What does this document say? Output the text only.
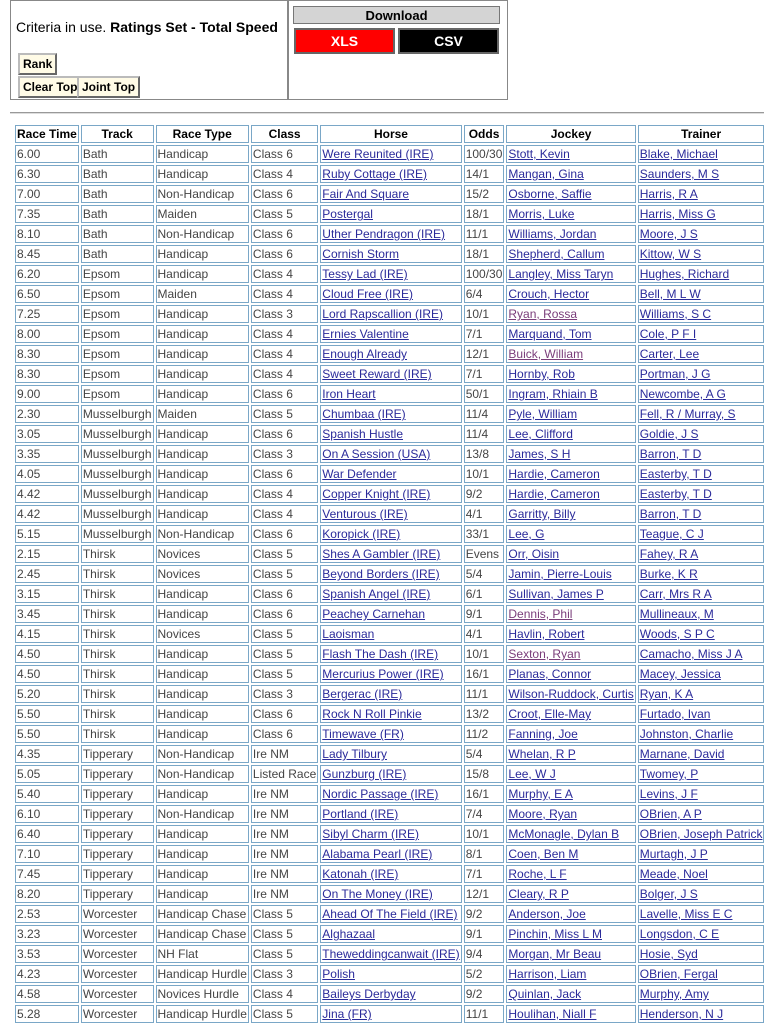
Criteria in use. Ratings Set - Total Speed
Rank
Clear Top Joint Top
Download
XLS	CSV
Race Time	Track	Race Type	Class	Horse	Odds	Jockey	Trainer
6.00	Bath	Handicap	Class 6	Were Reunited (IRE)	100/30	Stott, Kevin	Blake, Michael
6.30	Bath	Handicap	Class 4	Ruby Cottage (IRE)	14/1	Mangan, Gina	Saunders, M S
7.00	Bath	Non-Handicap	Class 6	Fair And Square	15/2	Osborne, Saffie	Harris, R A
7.35	Bath	Maiden	Class 5	Postergal	18/1	Morris, Luke	Harris, Miss G
8.10	Bath	Non-Handicap	Class 6	Uther Pendragon (IRE)	11/1	Williams, Jordan	Moore, J S
8.45	Bath	Handicap	Class 6	Cornish Storm	18/1	Shepherd, Callum	Kittow, W S
6.20	Epsom	Handicap	Class 4	Tessy Lad (IRE)	100/30	Langley, Miss Taryn	Hughes, Richard
6.50	Epsom	Maiden	Class 4	Cloud Free (IRE)	6/4	Crouch, Hector	Bell, M L W
7.25	Epsom	Handicap	Class 3	Lord Rapscallion (IRE)	10/1	Ryan, Rossa	Williams, S C
8.00	Epsom	Handicap	Class 4	Ernies Valentine	7/1	Marquand, Tom	Cole, P F I
8.30	Epsom	Handicap	Class 4	Enough Already	12/1	Buick, William	Carter, Lee
8.30	Epsom	Handicap	Class 4	Sweet Reward (IRE)	7/1	Hornby, Rob	Portman, J G
9.00	Epsom	Handicap	Class 6	Iron Heart	50/1	Ingram, Rhiain B	Newcombe, A G
2.30	Musselburgh	Maiden	Class 5	Chumbaa (IRE)	11/4	Pyle, William	Fell, R / Murray, S
3.05	Musselburgh	Handicap	Class 6	Spanish Hustle	11/4	Lee, Clifford	Goldie, J S
3.35	Musselburgh	Handicap	Class 3	On A Session (USA)	13/8	James, S H	Barron, T D
4.05	Musselburgh	Handicap	Class 6	War Defender	10/1	Hardie, Cameron	Easterby, T D
4.42	Musselburgh	Handicap	Class 4	Copper Knight (IRE)	9/2	Hardie, Cameron	Easterby, T D
4.42	Musselburgh	Handicap	Class 4	Venturous (IRE)	4/1	Garritty, Billy	Barron, T D
5.15	Musselburgh	Non-Handicap	Class 6	Koropick (IRE)	33/1	Lee, G	Teague, C J
2.15	Thirsk	Novices	Class 5	Shes A Gambler (IRE)	Evens	Orr, Oisin	Fahey, R A
2.45	Thirsk	Novices	Class 5	Beyond Borders (IRE)	5/4	Jamin, Pierre-Louis	Burke, K R
3.15	Thirsk	Handicap	Class 6	Spanish Angel (IRE)	6/1	Sullivan, James P	Carr, Mrs R A
3.45	Thirsk	Handicap	Class 6	Peachey Carnehan	9/1	Dennis, Phil	Mullineaux, M
4.15	Thirsk	Novices	Class 5	Laoisman	4/1	Havlin, Robert	Woods, S P C
4.50	Thirsk	Handicap	Class 5	Flash The Dash (IRE)	10/1	Sexton, Ryan	Camacho, Miss J A
4.50	Thirsk	Handicap	Class 5	Mercurius Power (IRE)	16/1	Planas, Connor	Macey, Jessica
5.20	Thirsk	Handicap	Class 3	Bergerac (IRE)	11/1	Wilson-Ruddock, Curtis	Ryan, K A
5.50	Thirsk	Handicap	Class 6	Rock N Roll Pinkie	13/2	Croot, Elle-May	Furtado, Ivan
5.50	Thirsk	Handicap	Class 6	Timewave (FR)	11/2	Fanning, Joe	Johnston, Charlie
4.35	Tipperary	Non-Handicap	Ire NM	Lady Tilbury	5/4	Whelan, R P	Marnane, David
5.05	Tipperary	Non-Handicap	Listed Race	Gunzburg (IRE)	15/8	Lee, W J	Twomey, P
5.40	Tipperary	Handicap	Ire NM	Nordic Passage (IRE)	16/1	Murphy, E A	Levins, J F
6.10	Tipperary	Non-Handicap	Ire NM	Portland (IRE)	7/4	Moore, Ryan	OBrien, A P
6.40	Tipperary	Handicap	Ire NM	Sibyl Charm (IRE)	10/1	McMonagle, Dylan B	OBrien, Joseph Patrick
7.10	Tipperary	Handicap	Ire NM	Alabama Pearl (IRE)	8/1	Coen, Ben M	Murtagh, J P
7.45	Tipperary	Handicap	Ire NM	Katonah (IRE)	7/1	Roche, L F	Meade, Noel
8.20	Tipperary	Handicap	Ire NM	On The Money (IRE)	12/1	Cleary, R P	Bolger, J S
2.53	Worcester	Handicap Chase	Class 5	Ahead Of The Field (IRE)	9/2	Anderson, Joe	Lavelle, Miss E C
3.23	Worcester	Handicap Chase	Class 5	Alghazaal	9/1	Pinchin, Miss L M	Longsdon, C E
3.53	Worcester	NH Flat	Class 5	Theweddingcanwait (IRE)	9/4	Morgan, Mr Beau	Hosie, Syd
4.23	Worcester	Handicap Hurdle	Class 3	Polish	5/2	Harrison, Liam	OBrien, Fergal
4.58	Worcester	Novices Hurdle	Class 4	Baileys Derbyday	9/2	Quinlan, Jack	Murphy, Amy
5.28	Worcester	Handicap Hurdle	Class 5	Jina (FR)	11/1	Houlihan, Niall F	Henderson, N J
